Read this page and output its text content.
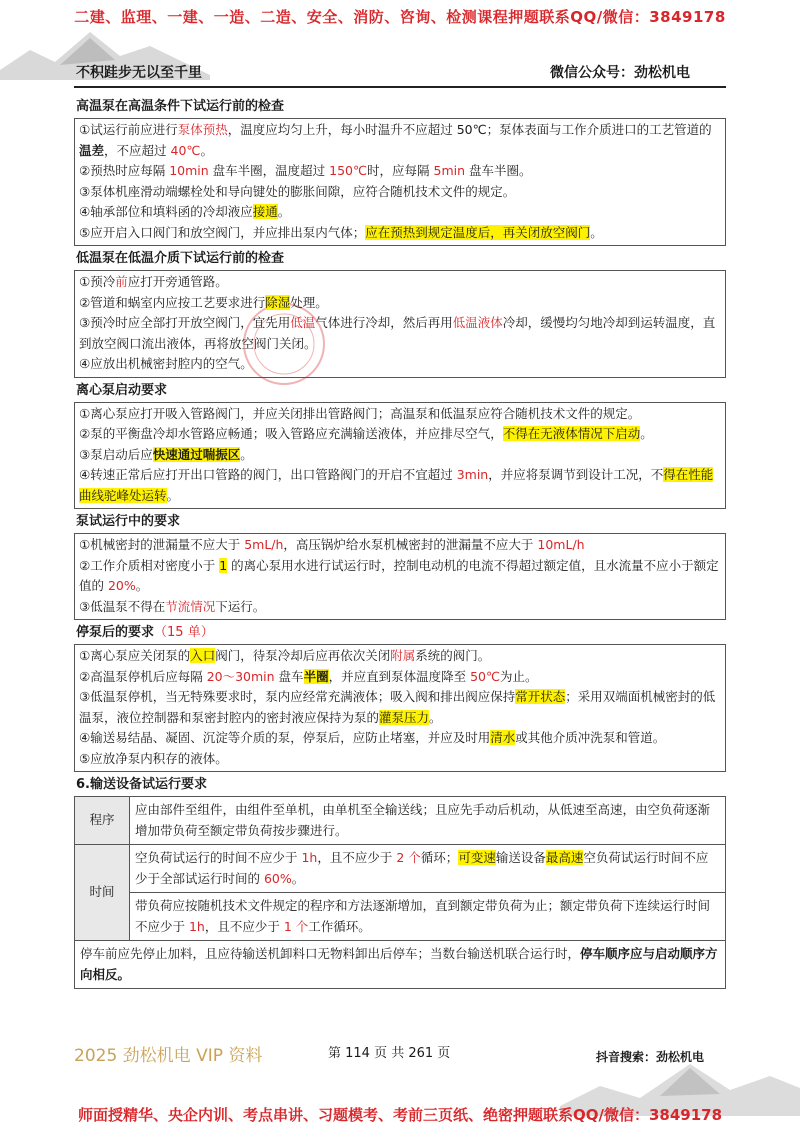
二建、监理、一建、一造、二造、安全、消防、咨询、检测课程押题联系QQ/微信：3849178
不积跬步无以至千里	微信公众号：劲松机电
高温泵在高温条件下试运行前的检查
①试运行前应进行泵体预热，温度应均匀上升，每小时温升不应超过 50℃；泵体表面与工作介质进口的工艺管道的温差，不应超过 40℃。
②预热时应每隔 10min 盘车半圈，温度超过 150℃时，应每隔 5min 盘车半圈。
③泵体机座滑动端螺栓处和导向键处的膨胀间隙，应符合随机技术文件的规定。
④轴承部位和填料函的冷却液应接通。
⑤应开启入口阀门和放空阀门，并应排出泵内气体；应在预热到规定温度后，再关闭放空阀门。
低温泵在低温介质下试运行前的检查
①预冷前应打开旁通管路。
②管道和蜗室内应按工艺要求进行除湿处理。
③预冷时应全部打开放空阀门，宜先用低温气体进行冷却，然后再用低温液体冷却，缓慢均匀地冷却到运转温度，直到放空阀口流出液体，再将放空阀门关闭。
④应放出机械密封腔内的空气。
离心泵启动要求
①离心泵应打开吸入管路阀门，并应关闭排出管路阀门；高温泵和低温泵应符合随机技术文件的规定。
②泵的平衡盘冷却水管路应畅通；吸入管路应充满输送液体，并应排尽空气，不得在无液体情况下启动。
③泵启动后应快速通过喘振区。
④转速正常后应打开出口管路的阀门，出口管路阀门的开启不宜超过 3min，并应将泵调节到设计工况，不得在性能曲线驼峰处运转。
泵试运行中的要求
①机械密封的泄漏量不应大于 5mL/h，高压锅炉给水泵机械密封的泄漏量不应大于 10mL/h
②工作介质相对密度小于 1 的离心泵用水进行试运行时，控制电动机的电流不得超过额定值，且水流量不应小于额定值的 20%。
③低温泵不得在节流情况下运行。
停泵后的要求（15 单）
①离心泵应关闭泵的入口阀门，待泵冷却后应再依次关闭附属系统的阀门。
②高温泵停机后应每隔 20～30min 盘车半圈，并应直到泵体温度降至 50℃为止。
③低温泵停机，当无特殊要求时，泵内应经常充满液体；吸入阀和排出阀应保持常开状态；采用双端面机械密封的低温泵，液位控制器和泵密封腔内的密封液应保持为泵的灌泵压力。
④输送易结晶、凝固、沉淀等介质的泵，停泵后，应防止堵塞，并应及时用清水或其他介质冲洗泵和管道。
⑤应放净泵内积存的液体。
6.输送设备试运行要求
程序	应由部件至组件，由组件至单机，由单机至全输送线；且应先手动后机动，从低速至高速，由空负荷逐渐增加带负荷至额定带负荷按步骤进行。
时间	空负荷试运行的时间不应少于 1h，且不应少于 2 个循环；可变速输送设备最高速空负荷试运行时间不应少于全部试运行时间的 60%。
	带负荷应按随机技术文件规定的程序和方法逐渐增加，直到额定带负荷为止；额定带负荷下连续运行时间不应少于 1h，且不应少于 1 个工作循环。
停车前应先停止加料，且应待输送机卸料口无物料卸出后停车；当数台输送机联合运行时，停车顺序应与启动顺序方向相反。	
2025 劲松机电 VIP 资料	第 114 页 共 261 页	抖音搜索：劲松机电
师面授精华、央企内训、考点串讲、习题模考、考前三页纸、绝密押题联系QQ/微信：3849178
